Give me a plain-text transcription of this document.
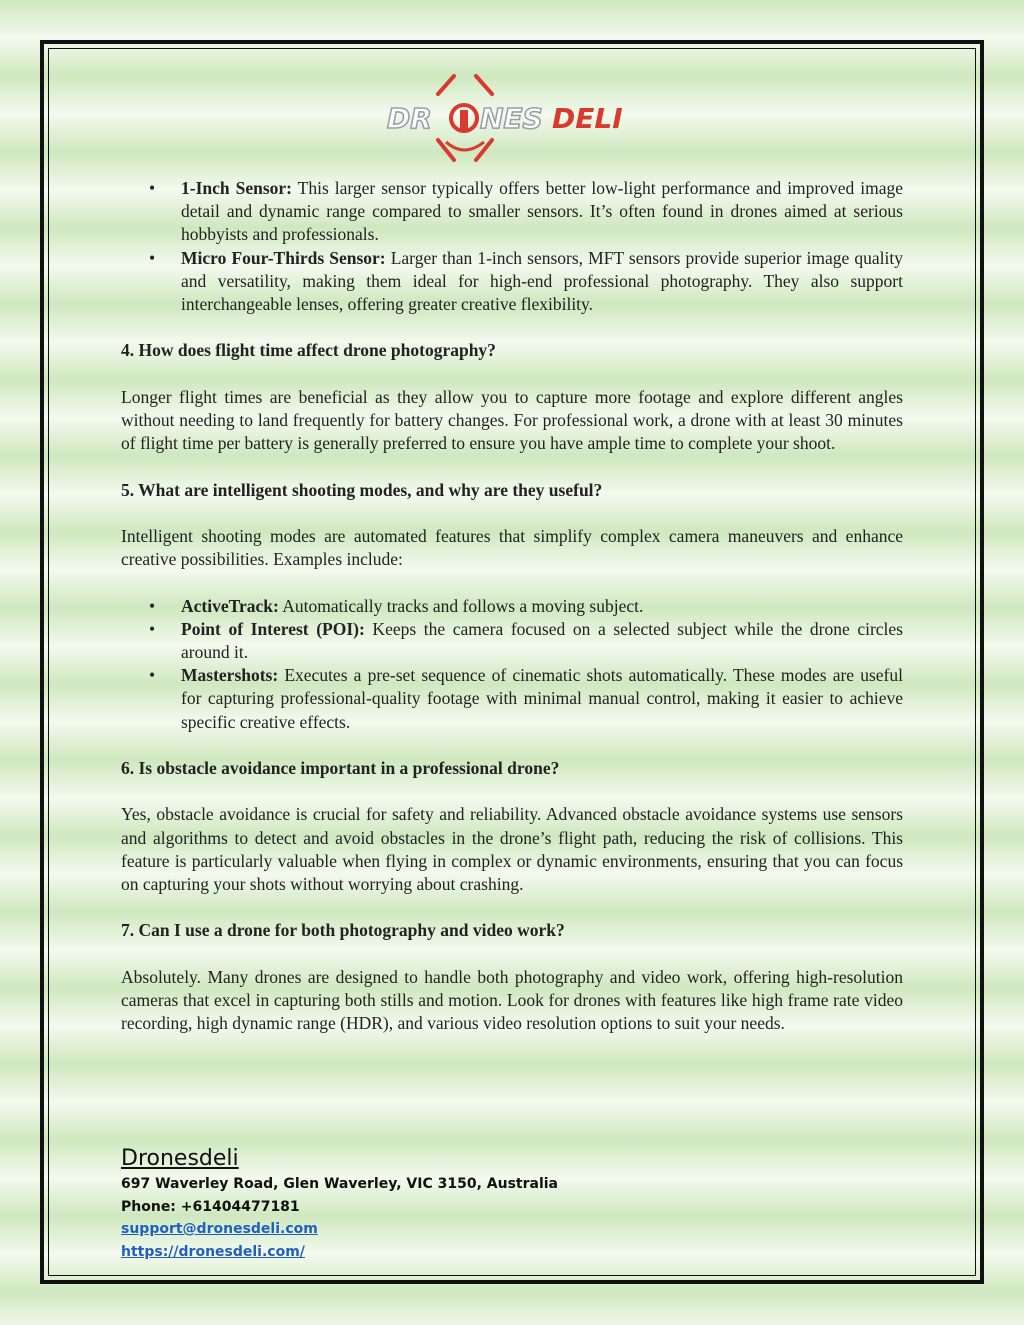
DR NES DELI
• 1-Inch Sensor: This larger sensor typically offers better low-light performance and improved image detail and dynamic range compared to smaller sensors. It’s often found in drones aimed at serious hobbyists and professionals.
• Micro Four-Thirds Sensor: Larger than 1-inch sensors, MFT sensors provide superior image quality and versatility, making them ideal for high-end professional photography. They also support interchangeable lenses, offering greater creative flexibility.

4. How does flight time affect drone photography?

Longer flight times are beneficial as they allow you to capture more footage and explore different angles without needing to land frequently for battery changes. For professional work, a drone with at least 30 minutes of flight time per battery is generally preferred to ensure you have ample time to complete your shoot.

5. What are intelligent shooting modes, and why are they useful?

Intelligent shooting modes are automated features that simplify complex camera maneuvers and enhance creative possibilities. Examples include:

• ActiveTrack: Automatically tracks and follows a moving subject.
• Point of Interest (POI): Keeps the camera focused on a selected subject while the drone circles around it.
• Mastershots: Executes a pre-set sequence of cinematic shots automatically. These modes are useful for capturing professional-quality footage with minimal manual control, making it easier to achieve specific creative effects.

6. Is obstacle avoidance important in a professional drone?

Yes, obstacle avoidance is crucial for safety and reliability. Advanced obstacle avoidance systems use sensors and algorithms to detect and avoid obstacles in the drone’s flight path, reducing the risk of collisions. This feature is particularly valuable when flying in complex or dynamic environments, ensuring that you can focus on capturing your shots without worrying about crashing.

7. Can I use a drone for both photography and video work?

Absolutely. Many drones are designed to handle both photography and video work, offering high-resolution cameras that excel in capturing both stills and motion. Look for drones with features like high frame rate video recording, high dynamic range (HDR), and various video resolution options to suit your needs.

Dronesdeli
697 Waverley Road, Glen Waverley, VIC 3150, Australia
Phone: +61404477181
support@dronesdeli.com
https://dronesdeli.com/
